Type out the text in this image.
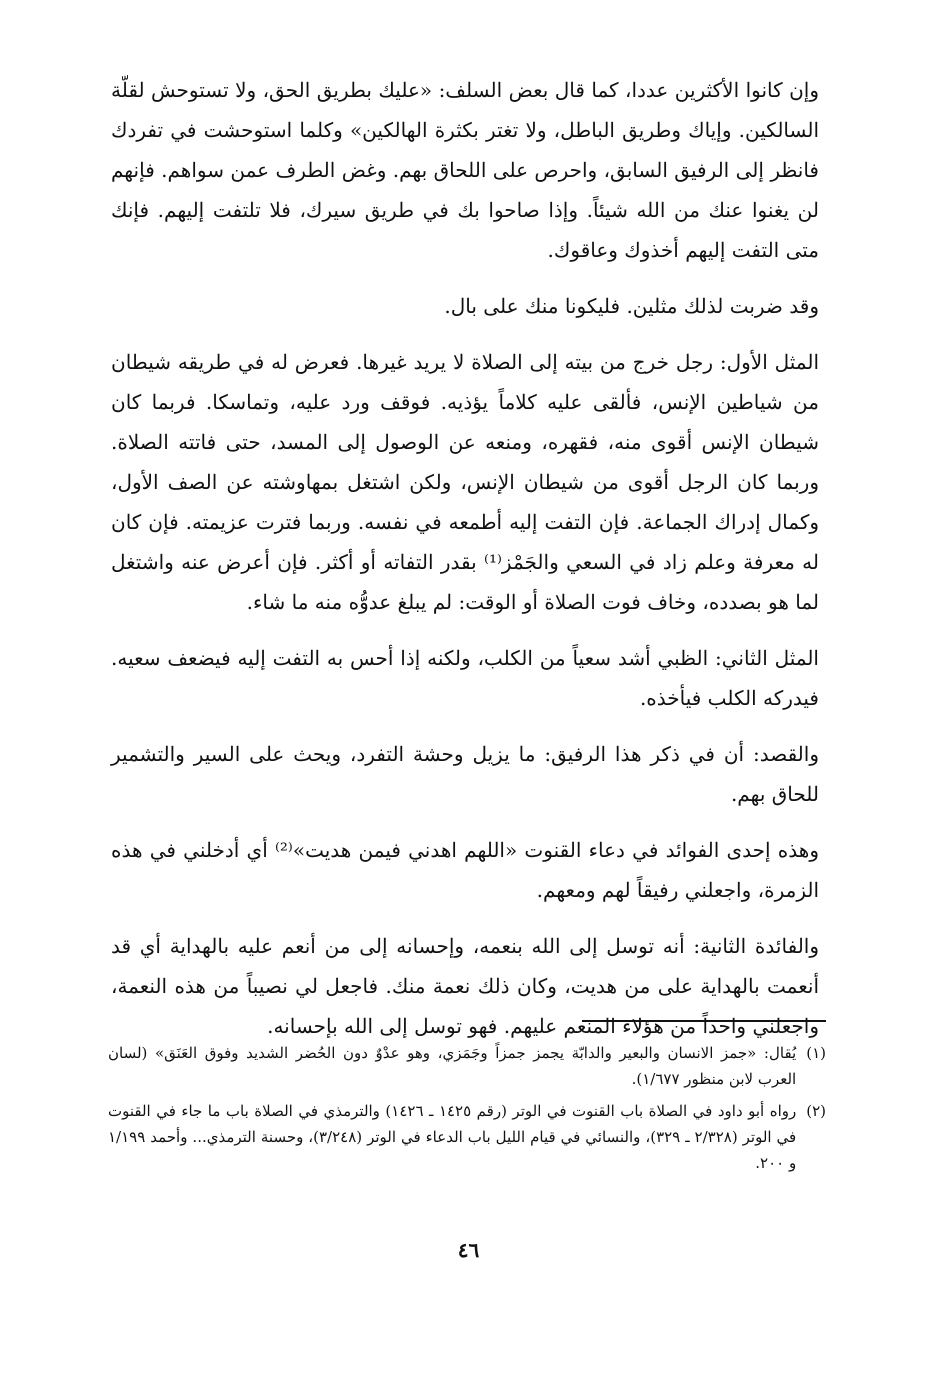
وإن كانوا الأكثرين عددا، كما قال بعض السلف: «عليك بطريق الحق، ولا تستوحش لقلّة السالكين. وإياك وطريق الباطل، ولا تغتر بكثرة الهالكين» وكلما استوحشت في تفردك فانظر إلى الرفيق السابق، واحرص على اللحاق بهم. وغض الطرف عمن سواهم. فإنهم لن يغنوا عنك من الله شيئاً. وإذا صاحوا بك في طريق سيرك، فلا تلتفت إليهم. فإنك متى التفت إليهم أخذوك وعاقوك.

وقد ضربت لذلك مثلين. فليكونا منك على بال.

المثل الأول: رجل خرج من بيته إلى الصلاة لا يريد غيرها. فعرض له في طريقه شيطان من شياطين الإنس، فألقى عليه كلاماً يؤذيه. فوقف ورد عليه، وتماسكا. فربما كان شيطان الإنس أقوى منه، فقهره، ومنعه عن الوصول إلى المسد، حتى فاتته الصلاة. وربما كان الرجل أقوى من شيطان الإنس، ولكن اشتغل بمهاوشته عن الصف الأول، وكمال إدراك الجماعة. فإن التفت إليه أطمعه في نفسه. وربما فترت عزيمته. فإن كان له معرفة وعلم زاد في السعي والجَمْز⁽¹⁾ بقدر التفاته أو أكثر. فإن أعرض عنه واشتغل لما هو بصدده، وخاف فوت الصلاة أو الوقت: لم يبلغ عدوُّه منه ما شاء.

المثل الثاني: الظبي أشد سعياً من الكلب، ولكنه إذا أحس به التفت إليه فيضعف سعيه. فيدركه الكلب فيأخذه.

والقصد: أن في ذكر هذا الرفيق: ما يزيل وحشة التفرد، ويحث على السير والتشمير للحاق بهم.

وهذه إحدى الفوائد في دعاء القنوت «اللهم اهدني فيمن هديت»⁽²⁾ أي أدخلني في هذه الزمرة، واجعلني رفيقاً لهم ومعهم.

والفائدة الثانية: أنه توسل إلى الله بنعمه، وإحسانه إلى من أنعم عليه بالهداية أي قد أنعمت بالهداية على من هديت، وكان ذلك نعمة منك. فاجعل لي نصيباً من هذه النعمة، واجعلني واحداً من هؤلاء المنعم عليهم. فهو توسل إلى الله بإحسانه.

(١)
يُقال: «جمز الانسان والبعير والدابّة يجمز جمزاً وجَمَزي، وهو عدْوٌ دون الحُضر الشديد وفوق العَنَق» (لسان العرب لابن منظور ١/٦٧٧).
(٢)
رواه أبو داود في الصلاة باب القنوت في الوتر (رقم ١٤٢٥ ـ ١٤٢٦) والترمذي في الصلاة باب ما جاء في القنوت في الوتر (٢/٣٢٨ ـ ٣٢٩)، والنسائي في قيام الليل باب الدعاء في الوتر (٣/٢٤٨)، وحسنة الترمذي... وأحمد ١/١٩٩ و ٢٠٠.
٤٦
